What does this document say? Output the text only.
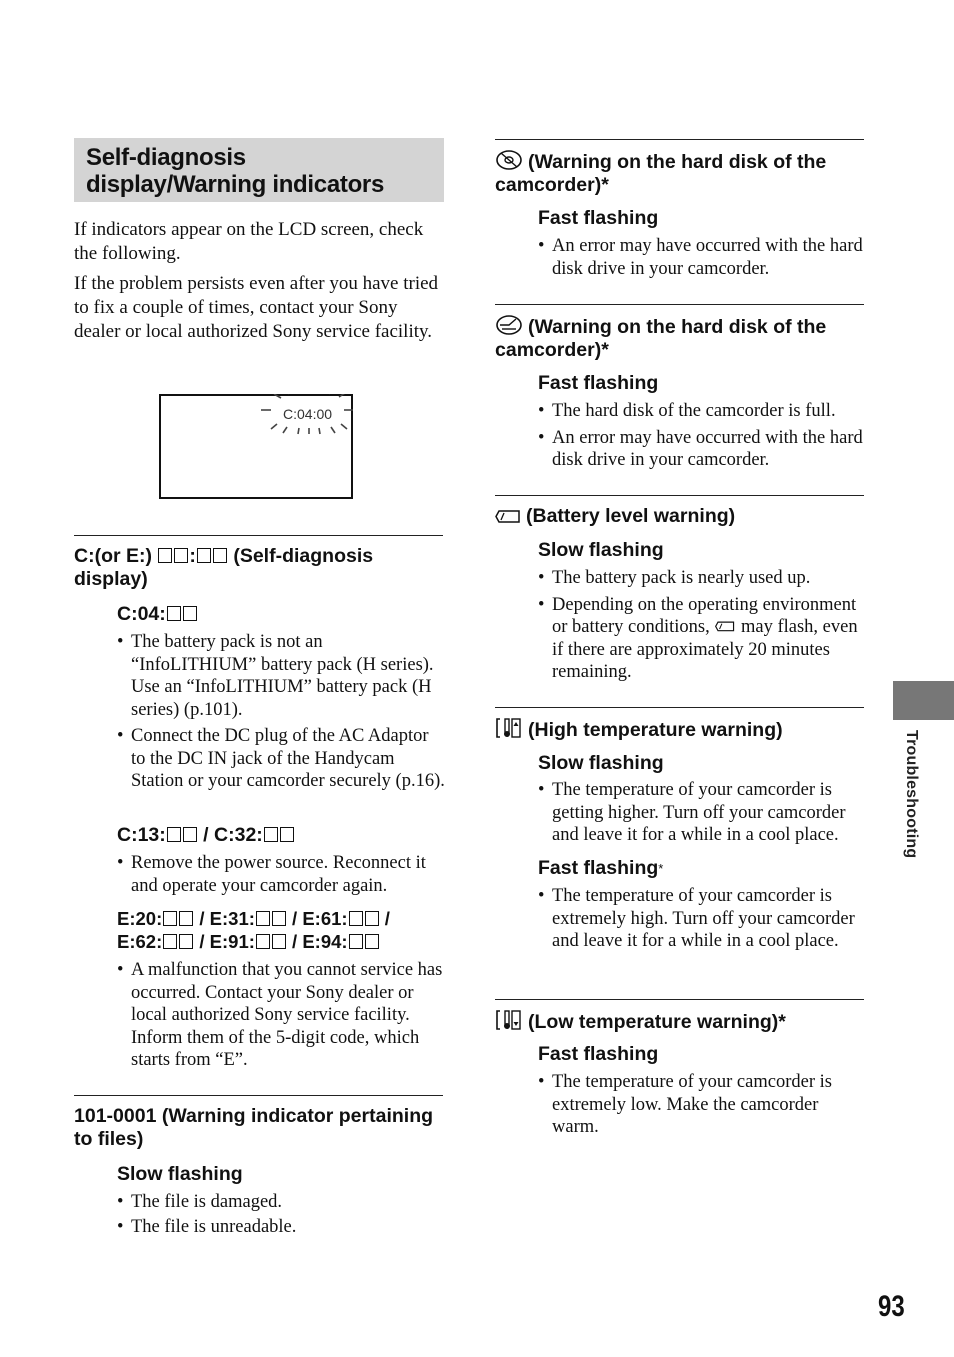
Self-diagnosis display/Warning indicators

If indicators appear on the LCD screen, check the following.

If the problem persists even after you have tried to fix a couple of times, contact your Sony dealer or local authorized Sony service facility.

C:04:00
C:(or E:) : (Self-diagnosis display)
C:04:
• The battery pack is not an “InfoLITHIUM” battery pack (H series). Use an “InfoLITHIUM” battery pack (H series) (p.101).
• Connect the DC plug of the AC Adaptor to the DC IN jack of the Handycam Station or your camcorder securely (p.16).
C:13: / C:32:
• Remove the power source. Reconnect it and operate your camcorder again.
E:20: / E:31: / E:61: /
E:62: / E:91: / E:94:
• A malfunction that you cannot service has occurred. Contact your Sony dealer or local authorized Sony service facility. Inform them of the 5-digit code, which starts from “E”.
101-0001 (Warning indicator pertaining to files)
Slow flashing
• The file is damaged.
• The file is unreadable.
(Warning on the hard disk of the camcorder)*
Fast flashing
• An error may have occurred with the hard disk drive in your camcorder.
(Warning on the hard disk of the camcorder)*
Fast flashing
• The hard disk of the camcorder is full.
• An error may have occurred with the hard disk drive in your camcorder.
(Battery level warning)
Slow flashing
• The battery pack is nearly used up.
• Depending on the operating environment or battery conditions, may flash, even if there are approximately 20 minutes remaining.
(High temperature warning)
Slow flashing
• The temperature of your camcorder is getting higher. Turn off your camcorder and leave it for a while in a cool place.
Fast flashing*
• The temperature of your camcorder is extremely high. Turn off your camcorder and leave it for a while in a cool place.
(Low temperature warning)*
Fast flashing
• The temperature of your camcorder is extremely low. Make the camcorder warm.
Troubleshooting
93
